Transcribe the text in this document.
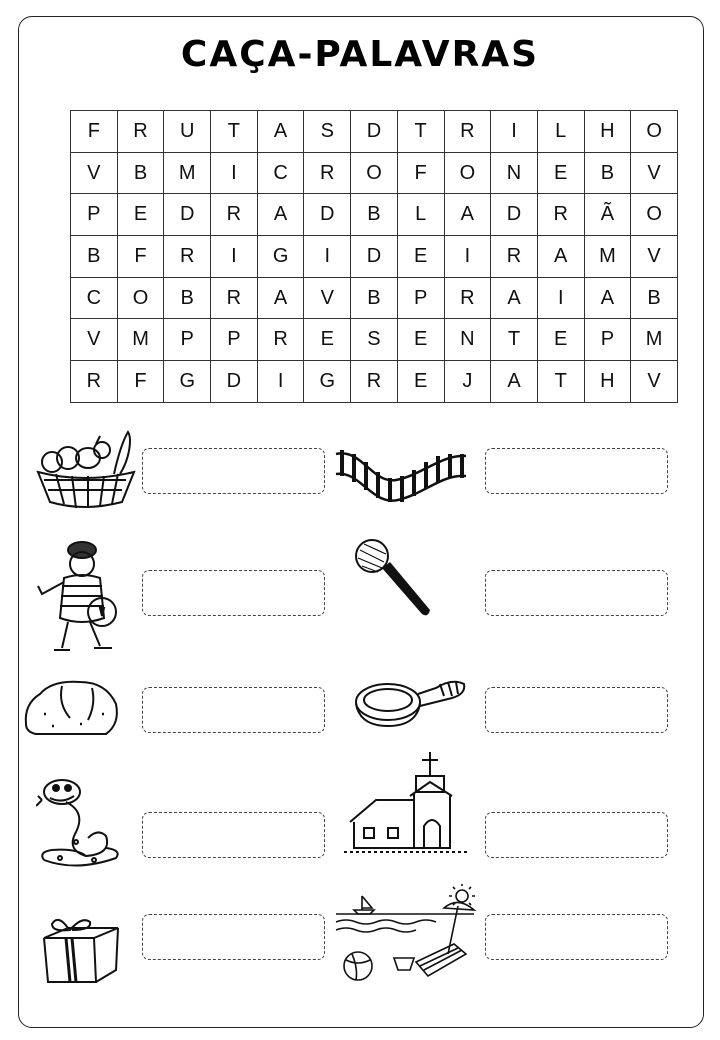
CAÇA-PALAVRAS
F	R	U	T	A	S	D	T	R	I	L	H	O
V	B	M	I	C	R	O	F	O	N	E	B	V
P	E	D	R	A	D	B	L	A	D	R	Ã	O
B	F	R	I	G	I	D	E	I	R	A	M	V
C	O	B	R	A	V	B	P	R	A	I	A	B
V	M	P	P	R	E	S	E	N	T	E	P	M
R	F	G	D	I	G	R	E	J	A	T	H	V
